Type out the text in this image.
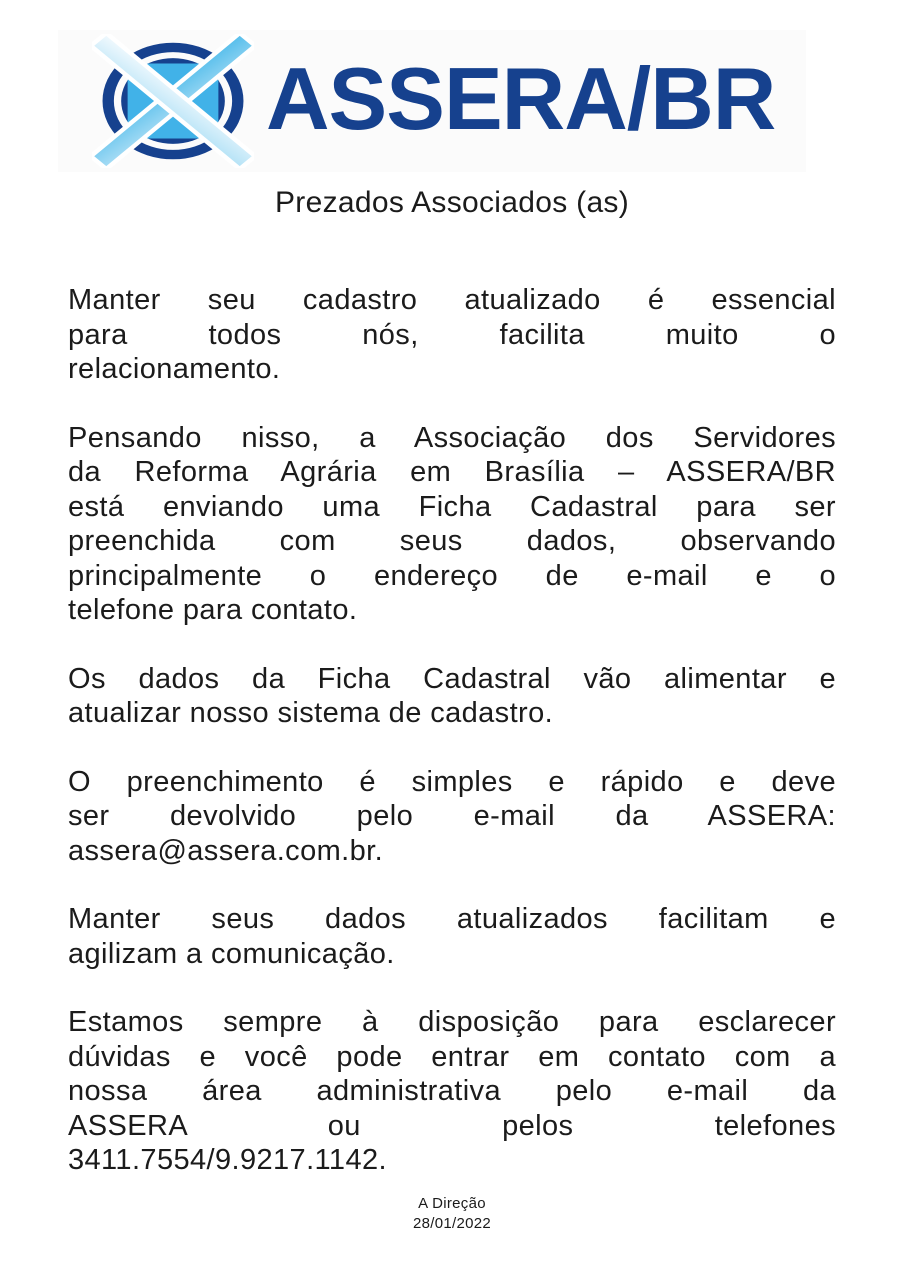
ASSERA/BR
Prezados Associados (as)
Manter seu cadastro atualizado é essencial
para todos nós, facilita muito o
relacionamento.
Pensando nisso, a Associação dos Servidores
da Reforma Agrária em Brasília – ASSERA/BR
está enviando uma Ficha Cadastral para ser
preenchida com seus dados, observando
principalmente o endereço de e-mail e o
telefone para contato.
Os dados da Ficha Cadastral vão alimentar e
atualizar nosso sistema de cadastro.
O preenchimento é simples e rápido e deve
ser devolvido pelo e-mail da ASSERA:
assera@assera.com.br.
Manter seus dados atualizados facilitam e
agilizam a comunicação.
Estamos sempre à disposição para esclarecer
dúvidas e você pode entrar em contato com a
nossa área administrativa pelo e-mail da
ASSERA ou pelos telefones
3411.7554/9.9217.1142.
A Direção
28/01/2022
